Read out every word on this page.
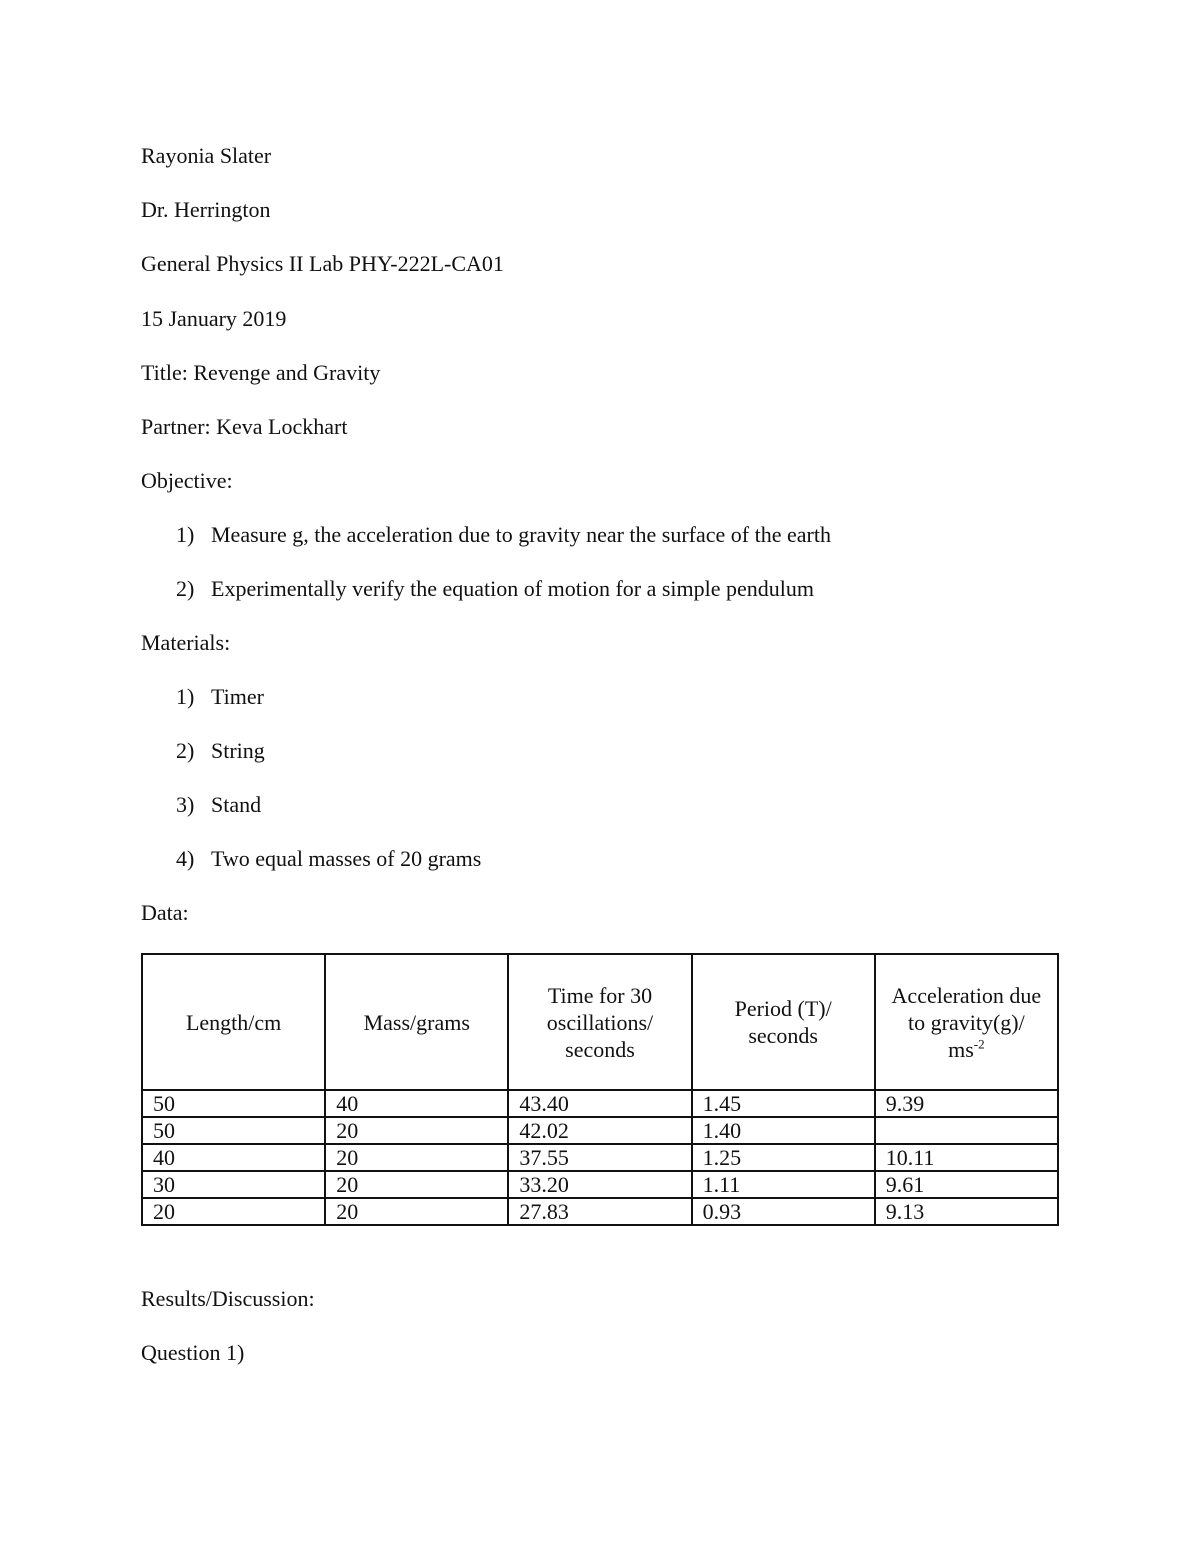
Rayonia Slater
Dr. Herrington
General Physics II Lab PHY-222L-CA01
15 January 2019
Title: Revenge and Gravity
Partner: Keva Lockhart
Objective:
1) Measure g, the acceleration due to gravity near the surface of the earth
2) Experimentally verify the equation of motion for a simple pendulum
Materials:
1) Timer
2) String
3) Stand
4) Two equal masses of 20 grams
Data:
Length/cm	Mass/grams	Time for 30
oscillations/
seconds	Period (T)/
seconds	Acceleration due
to gravity(g)/
$ms^{-2}$

50	40	43.40	1.45	9.39
50	20	42.02	1.40	
40	20	37.55	1.25	10.11
30	20	33.20	1.11	9.61
20	20	27.83	0.93	9.13
Results/Discussion:
Question 1)
